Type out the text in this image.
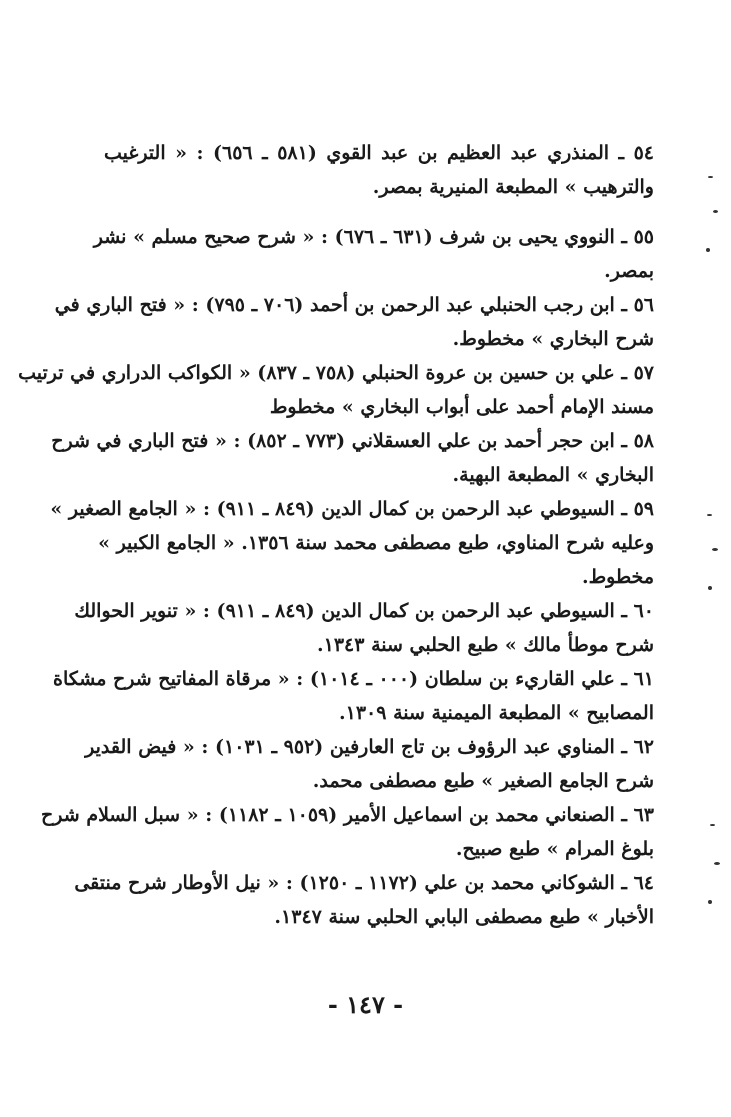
٥٤ ـ المنذري عبد العظيم بن عبد القوي (٥٨١ ـ ٦٥٦) : « الترغيب
والترهيب » المطبعة المنيرية بمصر.
٥٥ ـ النووي يحيى بن شرف (٦٣١ ـ ٦٧٦) : « شرح صحيح مسلم » نشر
بمصر.
٥٦ ـ ابن رجب الحنبلي عبد الرحمن بن أحمد (٧٠٦ ـ ٧٩٥) : « فتح الباري في
شرح البخاري » مخطوط.
٥٧ ـ علي بن حسين بن عروة الحنبلي (٧٥٨ ـ ٨٣٧) « الكواكب الدراري في ترتيب
مسند الإمام أحمد على أبواب البخاري » مخطوط
٥٨ ـ ابن حجر أحمد بن علي العسقلاني (٧٧٣ ـ ٨٥٢) : « فتح الباري في شرح
البخاري » المطبعة البهية.
٥٩ ـ السيوطي عبد الرحمن بن كمال الدين (٨٤٩ ـ ٩١١) : « الجامع الصغير »
وعليه شرح المناوي، طبع مصطفى محمد سنة ١٣٥٦. « الجامع الكبير »
مخطوط.
٦٠ ـ السيوطي عبد الرحمن بن كمال الدين (٨٤٩ ـ ٩١١) : « تنوير الحوالك
شرح موطأ مالك » طبع الحلبي سنة ١٣٤٣.
٦١ ـ علي القاريء بن سلطان (٠٠٠ ـ ١٠١٤) : « مرقاة المفاتيح شرح مشكاة
المصابيح » المطبعة الميمنية سنة ١٣٠٩.
٦٢ ـ المناوي عبد الرؤوف بن تاج العارفين (٩٥٢ ـ ١٠٣١) : « فيض القدير
شرح الجامع الصغير » طبع مصطفى محمد.
٦٣ ـ الصنعاني محمد بن اسماعيل الأمير (١٠٥٩ ـ ١١٨٢) : « سبل السلام شرح
بلوغ المرام » طبع صبيح.
٦٤ ـ الشوكاني محمد بن علي (١١٧٢ ـ ١٢٥٠) : « نيل الأوطار شرح منتقى
الأخبار » طبع مصطفى البابي الحلبي سنة ١٣٤٧.
- ١٤٧ -
